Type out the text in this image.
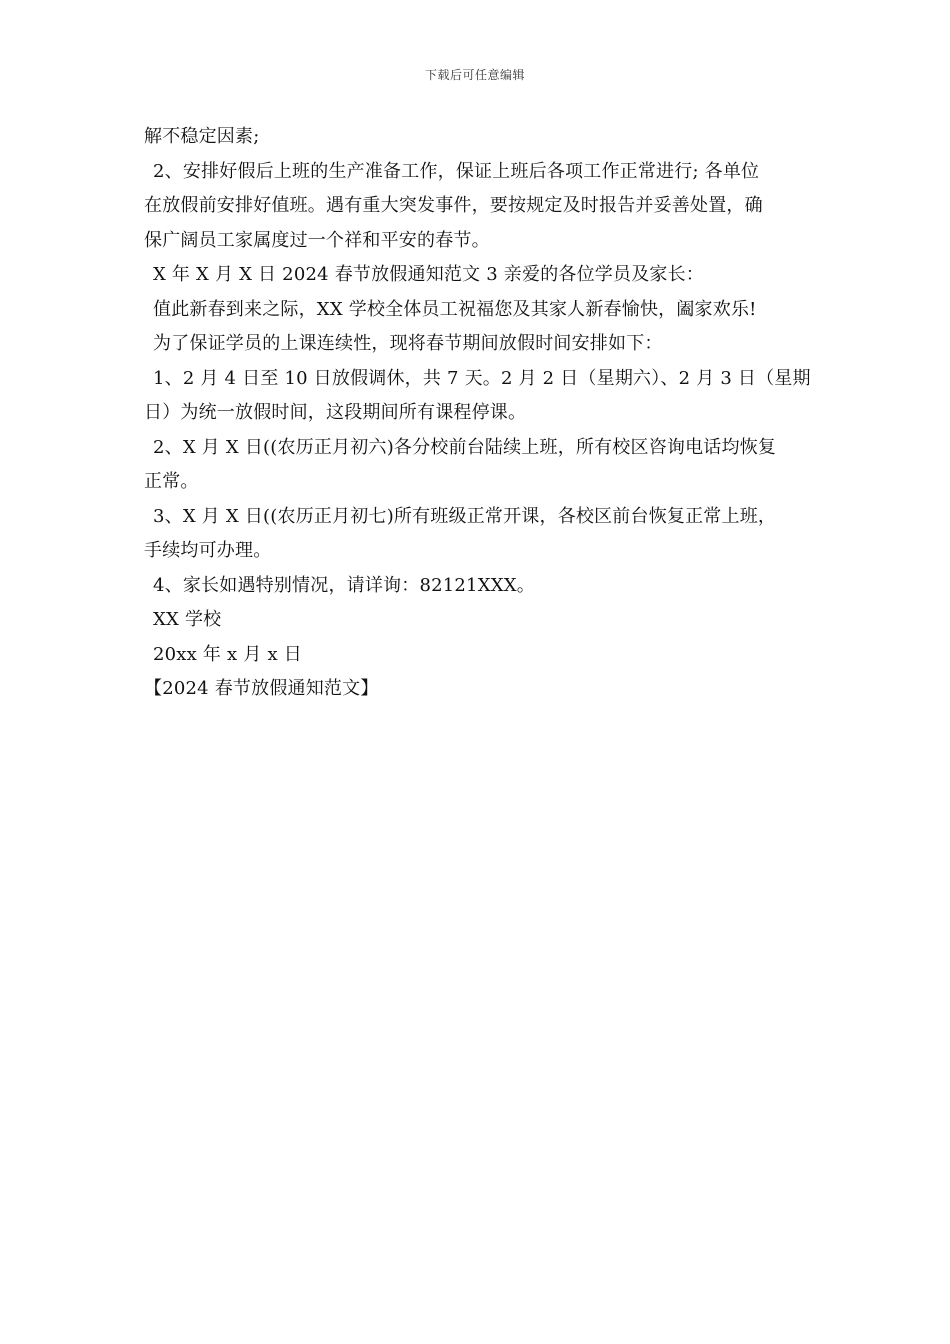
下载后可任意编辑
解不稳定因素;
2、安排好假后上班的生产准备工作，保证上班后各项工作正常进行; 各单位
在放假前安排好值班。遇有重大突发事件，要按规定及时报告并妥善处置，确
保广阔员工家属度过一个祥和平安的春节。
X 年 X 月 X 日 2024 春节放假通知范文 3 亲爱的各位学员及家长：
值此新春到来之际，XX 学校全体员工祝福您及其家人新春愉快，阖家欢乐!
为了保证学员的上课连续性，现将春节期间放假时间安排如下：
1、2 月 4 日至 10 日放假调休，共 7 天。2 月 2 日（星期六）、2 月 3 日（星期
日）为统一放假时间，这段期间所有课程停课。
2、X 月 X 日((农历正月初六)各分校前台陆续上班，所有校区咨询电话均恢复
正常。
3、X 月 X 日((农历正月初七)所有班级正常开课，各校区前台恢复正常上班，
手续均可办理。
4、家长如遇特别情况，请详询：82121XXX。
XX 学校
20xx 年 x 月 x 日
【2024 春节放假通知范文】
